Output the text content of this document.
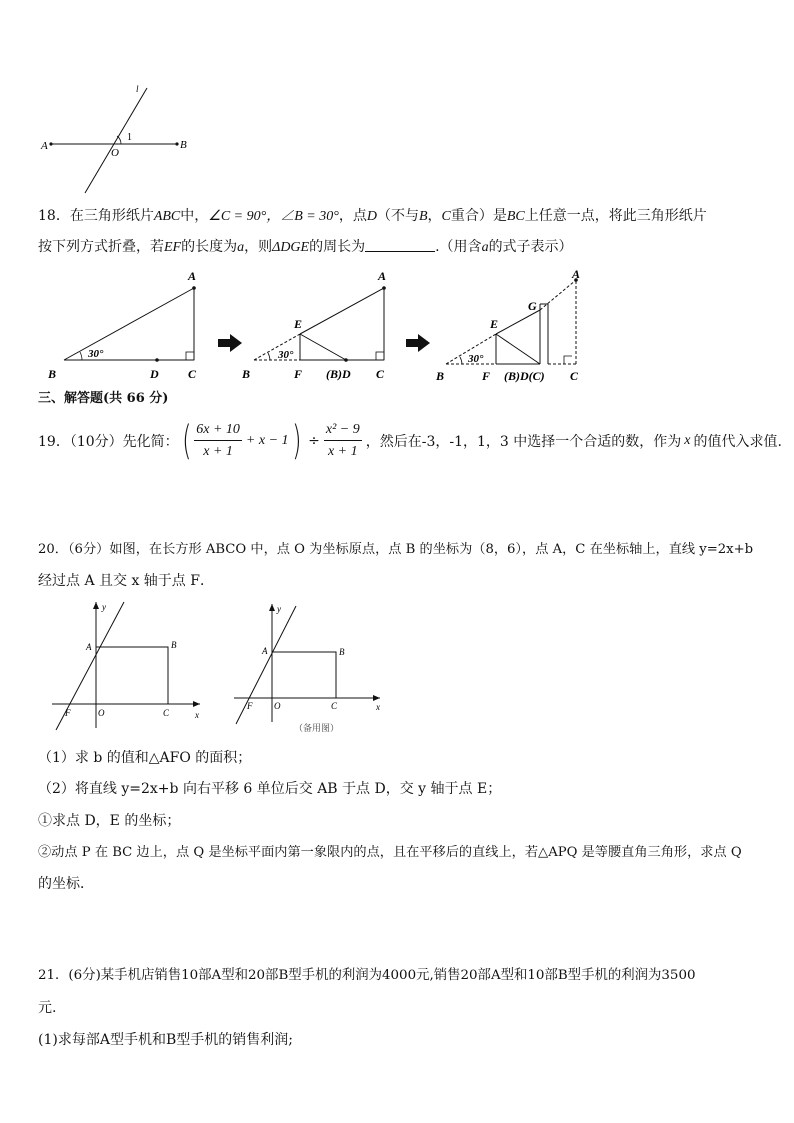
l
A	B
O
1
18．在三角形纸片ABC中，∠C = 90°，∠B = 30°，点D（不与B，C重合）是BC上任意一点，将此三角形纸片
按下列方式折叠，若EF的长度为a，则ΔDGE的周长为	.（用含a的式子表示）
30°
A
B	D C
30°
A
E
B	F (B)D C
30°
A
G
E
B	F (B)D(C) C
三、解答题(共 66 分)
19．（10分）先化简： ( $\frac{6x + 10}{x + 1} + x - 1$ ) ÷ $\frac{\text{x² − 9}}{x + 1}$ ，然后在-3，-1，1，3 中选择一个合适的数，作为 x 的值代入求值.
20．（6分）如图，在长方形 ABCO 中，点 O 为坐标原点，点 B 的坐标为（8，6），点 A，C 在坐标轴上，直线 y=2x+b
经过点 A 且交 x 轴于点 F．
y
x
A	B
O	C
F
y
x
A	B
O	C
F
（备用图）
（1）求 b 的值和△AFO 的面积；
（2）将直线 y=2x+b 向右平移 6 单位后交 AB 于点 D，交 y 轴于点 E；
①求点 D，E 的坐标；
②动点 P 在 BC 边上，点 Q 是坐标平面内第一象限内的点，且在平移后的直线上，若△APQ 是等腰直角三角形，求点 Q
的坐标．
21．(6分)某手机店销售10部A型和20部B型手机的利润为4000元,销售20部A型和10部B型手机的利润为3500
元.
(1)求每部A型手机和B型手机的销售利润;
